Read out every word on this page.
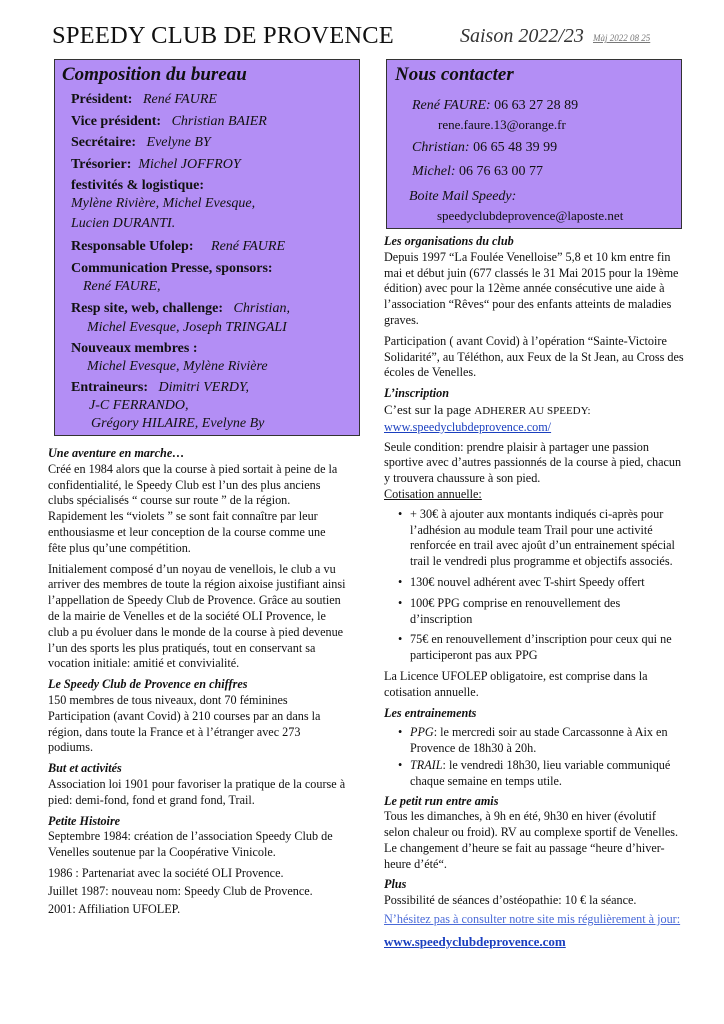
SPEEDY CLUB DE PROVENCE	Saison 2022/23 Màj 2022 08 25
Composition du bureau
Président: René FAURE
Vice président: Christian BAIER
Secrétaire: Evelyne BY
Trésorier: Michel JOFFROY
festivités & logistique:
Mylène Rivière, Michel Evesque,
Lucien DURANTI.
Responsable Ufolep: René FAURE
Communication Presse, sponsors:
René FAURE,
Resp site, web, challenge: Christian,
Michel Evesque, Joseph TRINGALI
Nouveaux membres :
Michel Evesque, Mylène Rivière
Entraineurs: Dimitri VERDY,
J-C FERRANDO,
Grégory HILAIRE, Evelyne By
Nous contacter
René FAURE: 06 63 27 28 89
rene.faure.13@orange.fr
Christian: 06 65 48 39 99
Michel: 06 76 63 00 77
Boite Mail Speedy:
speedyclubdeprovence@laposte.net
Une aventure en marche…

Créé en 1984 alors que la course à pied sortait à peine de la confidentialité, le Speedy Club est l’un des plus anciens clubs spécialisés “ course sur route ” de la région. Rapidement les “violets ” se sont fait connaître par leur enthousiasme et leur conception de la course comme une fête plus qu’une compétition.

Initialement composé d’un noyau de venellois, le club a vu arriver des membres de toute la région aixoise justifiant ainsi l’appellation de Speedy Club de Provence. Grâce au soutien de la mairie de Venelles et de la société OLI Provence, le club a pu évoluer dans le monde de la course à pied devenue l’un des sports les plus pratiqués, tout en conservant sa vocation initiale: amitié et convivialité.

Le Speedy Club de Provence en chiffres

150 membres de tous niveaux, dont 70 féminines Participation (avant Covid) à 210 courses par an dans la région, dans toute la France et à l’étranger avec 273 podiums.

But et activités

Association loi 1901 pour favoriser la pratique de la course à pied: demi-fond, fond et grand fond, Trail.

Petite Histoire

Septembre 1984: création de l’association Speedy Club de Venelles soutenue par la Coopérative Vinicole.

1986 : Partenariat avec la société OLI Provence.

Juillet 1987: nouveau nom: Speedy Club de Provence.

2001: Affiliation UFOLEP.

Les organisations du club

Depuis 1997 “La Foulée Venelloise” 5,8 et 10 km entre fin mai et début juin (677 classés le 31 Mai 2015 pour la 19ème édition) avec pour la 12ème année consécutive une aide à l’association “Rêves“ pour des enfants atteints de maladies graves.

Participation ( avant Covid) à l’opération “Sainte-Victoire Solidarité”, au Téléthon, aux Feux de la St Jean, au Cross des écoles de Venelles.

L’inscription
C’est sur la page ADHERER AU SPEEDY:
www.speedyclubdeprovence.com/

Seule condition: prendre plaisir à partager une passion sportive avec d’autres passionnés de la course à pied, chacun y trouvera chaussure à son pied.

Cotisation annuelle:
• + 30€ à ajouter aux montants indiqués ci-après pour l’adhésion au module team Trail pour une activité renforcée en trail avec ajoût d’un entrainement spécial trail le vendredi plus programme et objectifs associés.
• 130€ nouvel adhérent avec T-shirt Speedy offert
• 100€ PPG comprise en renouvellement des d’inscription
• 75€ en renouvellement d’inscription pour ceux qui ne participeront pas aux PPG

La Licence UFOLEP obligatoire, est comprise dans la cotisation annuelle.

Les entrainements
• PPG: le mercredi soir au stade Carcassonne à Aix en Provence de 18h30 à 20h.
• TRAIL: le vendredi 18h30, lieu variable communiqué chaque semaine en temps utile.
Le petit run entre amis

Tous les dimanches, à 9h en été, 9h30 en hiver (évolutif selon chaleur ou froid). RV au complexe sportif de Venelles. Le changement d’heure se fait au passage “heure d’hiver-heure d’été“.

Plus

Possibilité de séances d’ostéopathie: 10 € la séance.

N’hésitez pas à consulter notre site mis régulièrement à jour:

www.speedyclubdeprovence.com
